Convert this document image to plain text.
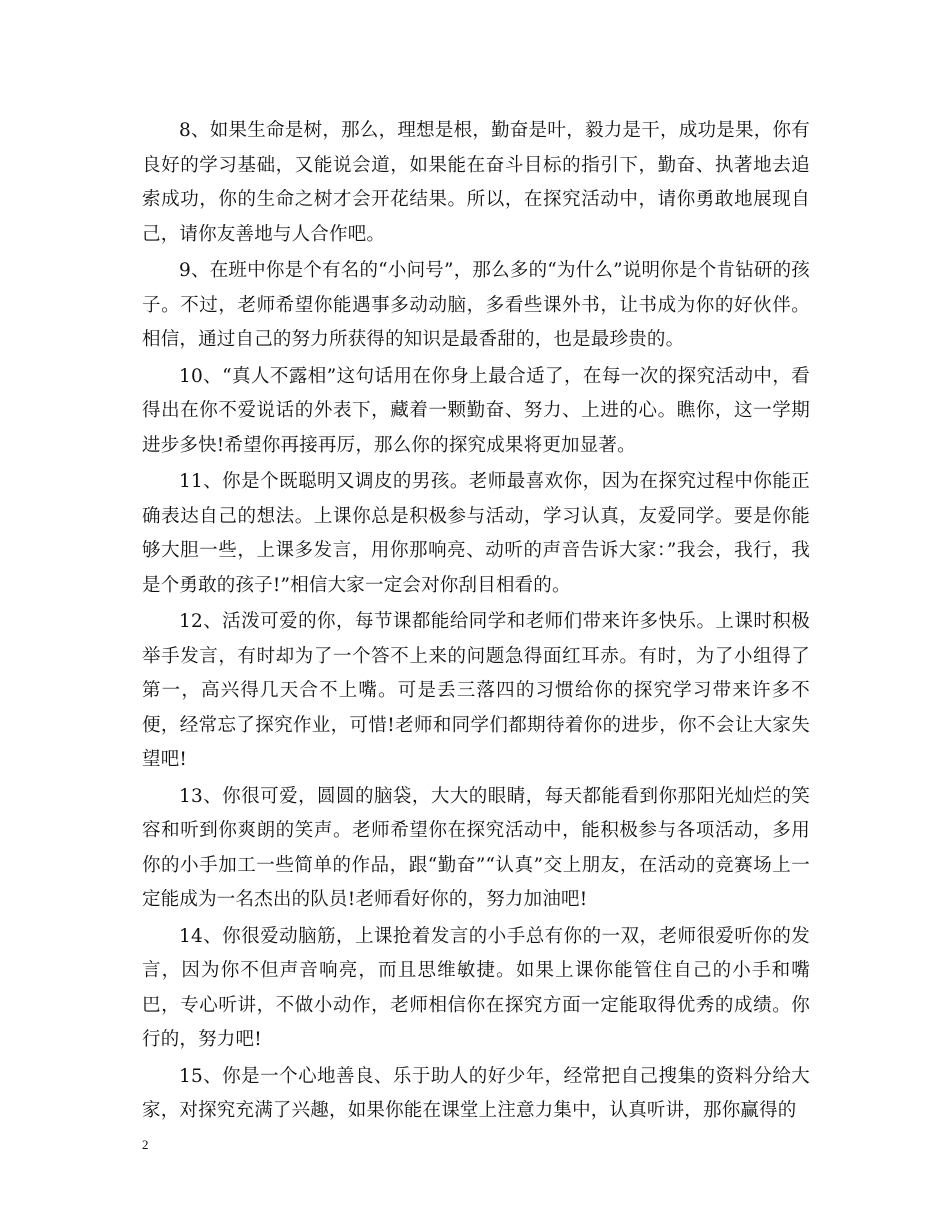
8、如果生命是树，那么，理想是根，勤奋是叶，毅力是干，成功是果，你有良好的学习基础，又能说会道，如果能在奋斗目标的指引下，勤奋、执著地去追索成功，你的生命之树才会开花结果。所以，在探究活动中，请你勇敢地展现自己，请你友善地与人合作吧。

9、在班中你是个有名的“小问号”，那么多的“为什么”说明你是个肯钻研的孩子。不过，老师希望你能遇事多动动脑，多看些课外书，让书成为你的好伙伴。相信，通过自己的努力所获得的知识是最香甜的，也是最珍贵的。

10、“真人不露相”这句话用在你身上最合适了，在每一次的探究活动中，看得出在你不爱说话的外表下，藏着一颗勤奋、努力、上进的心。瞧你，这一学期进步多快!希望你再接再厉，那么你的探究成果将更加显著。

11、你是个既聪明又调皮的男孩。老师最喜欢你，因为在探究过程中你能正确表达自己的想法。上课你总是积极参与活动，学习认真，友爱同学。要是你能够大胆一些，上课多发言，用你那响亮、动听的声音告诉大家：”我会，我行，我是个勇敢的孩子!”相信大家一定会对你刮目相看的。

12、活泼可爱的你，每节课都能给同学和老师们带来许多快乐。上课时积极举手发言，有时却为了一个答不上来的问题急得面红耳赤。有时，为了小组得了第一，高兴得几天合不上嘴。可是丢三落四的习惯给你的探究学习带来许多不便，经常忘了探究作业，可惜!老师和同学们都期待着你的进步，你不会让大家失望吧!

13、你很可爱，圆圆的脑袋，大大的眼睛，每天都能看到你那阳光灿烂的笑容和听到你爽朗的笑声。老师希望你在探究活动中，能积极参与各项活动，多用你的小手加工一些简单的作品，跟“勤奋”“认真”交上朋友，在活动的竞赛场上一定能成为一名杰出的队员!老师看好你的，努力加油吧!

14、你很爱动脑筋，上课抢着发言的小手总有你的一双，老师很爱听你的发言，因为你不但声音响亮，而且思维敏捷。如果上课你能管住自己的小手和嘴巴，专心听讲，不做小动作，老师相信你在探究方面一定能取得优秀的成绩。你行的，努力吧!

15、你是一个心地善良、乐于助人的好少年，经常把自己搜集的资料分给大家，对探究充满了兴趣，如果你能在课堂上注意力集中，认真听讲，那你赢得的

2
